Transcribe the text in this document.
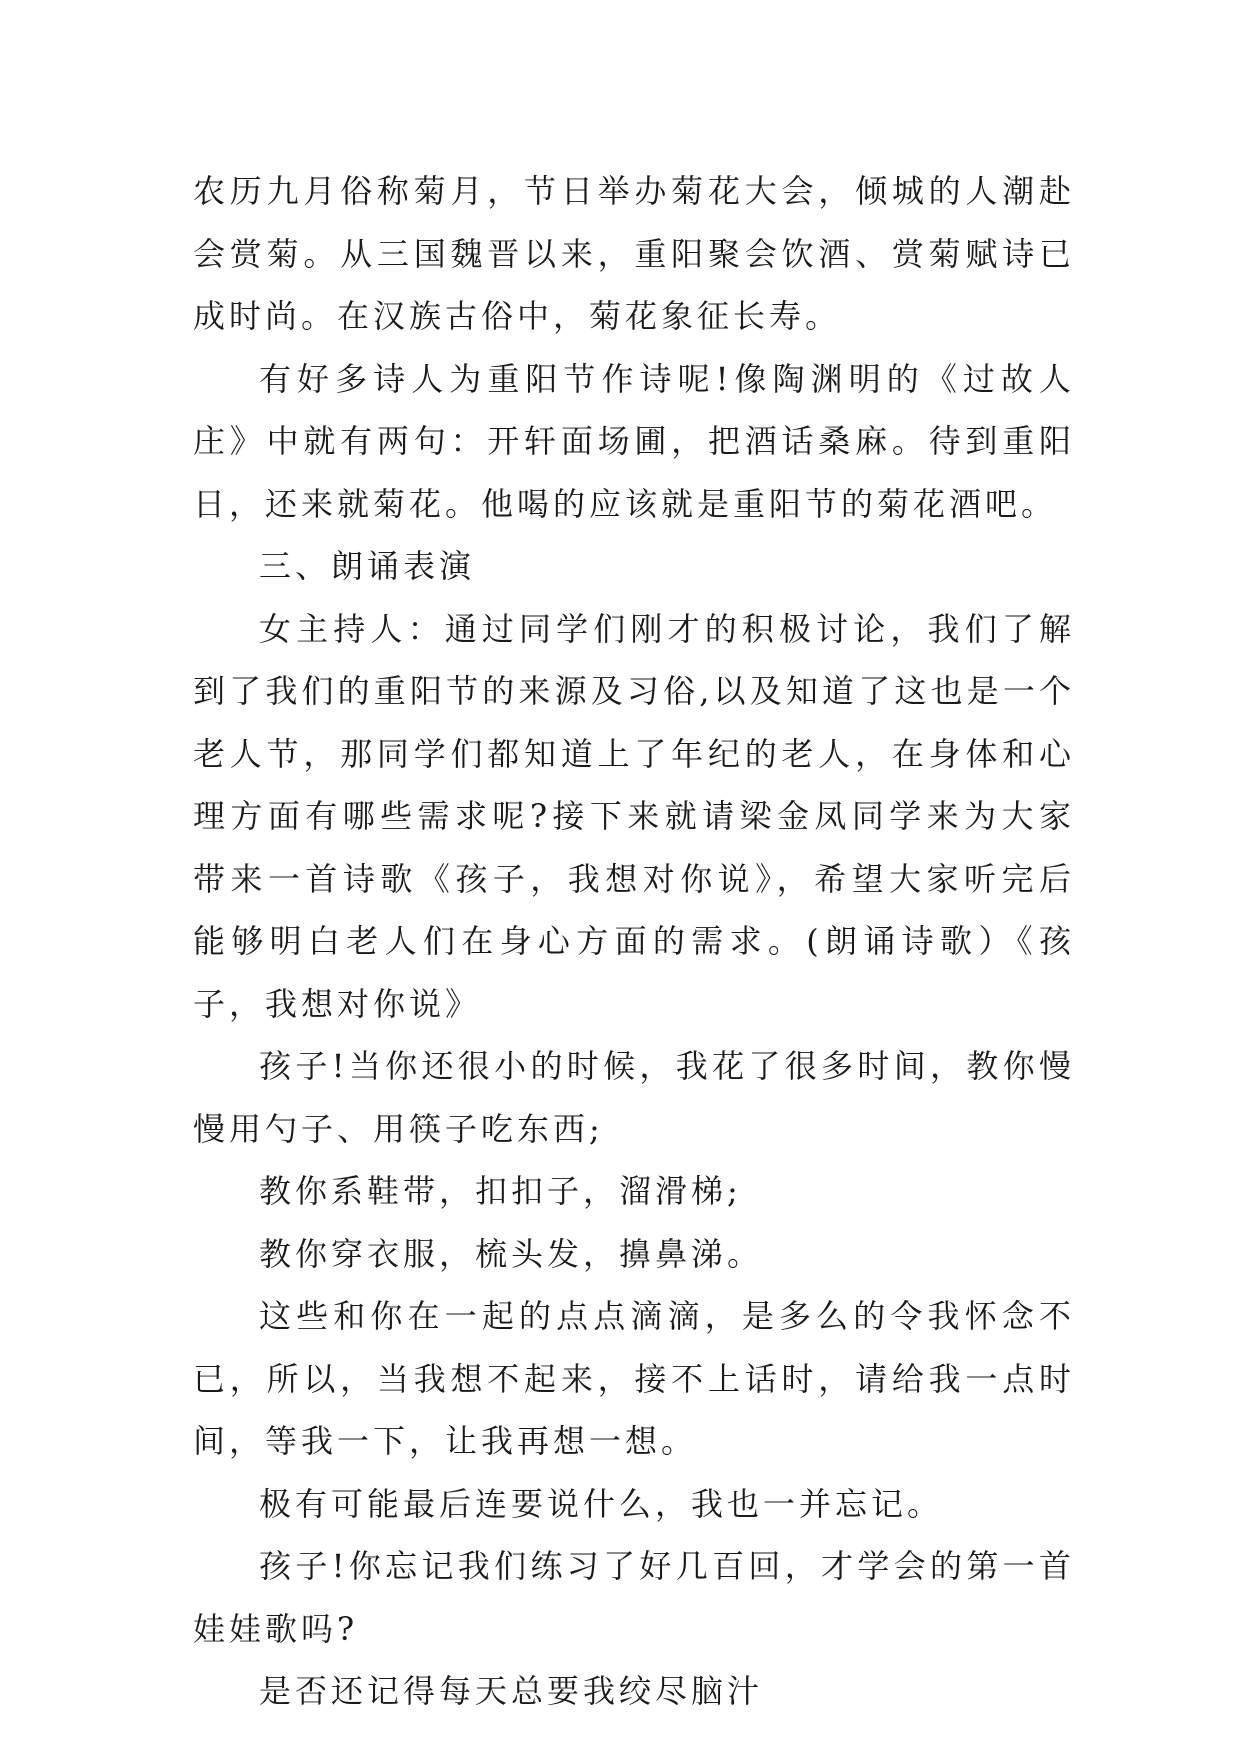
农历九月俗称菊月，节日举办菊花大会，倾城的人潮赴会赏菊。从三国魏晋以来，重阳聚会饮酒、赏菊赋诗已成时尚。在汉族古俗中，菊花象征长寿。

有好多诗人为重阳节作诗呢!像陶渊明的《过故人庄》中就有两句：开轩面场圃，把酒话桑麻。待到重阳日，还来就菊花。他喝的应该就是重阳节的菊花酒吧。

三、朗诵表演

女主持人：通过同学们刚才的积极讨论，我们了解到了我们的重阳节的来源及习俗,以及知道了这也是一个老人节，那同学们都知道上了年纪的老人，在身体和心理方面有哪些需求呢?接下来就请梁金凤同学来为大家带来一首诗歌《孩子，我想对你说》，希望大家听完后能够明白老人们在身心方面的需求。(朗诵诗歌）《孩子，我想对你说》

孩子!当你还很小的时候，我花了很多时间，教你慢慢用勺子、用筷子吃东西;

教你系鞋带，扣扣子，溜滑梯;

教你穿衣服，梳头发，擤鼻涕。

这些和你在一起的点点滴滴，是多么的令我怀念不已，所以，当我想不起来，接不上话时，请给我一点时间，等我一下，让我再想一想。

极有可能最后连要说什么，我也一并忘记。

孩子!你忘记我们练习了好几百回，才学会的第一首娃娃歌吗?

是否还记得每天总要我绞尽脑汁
